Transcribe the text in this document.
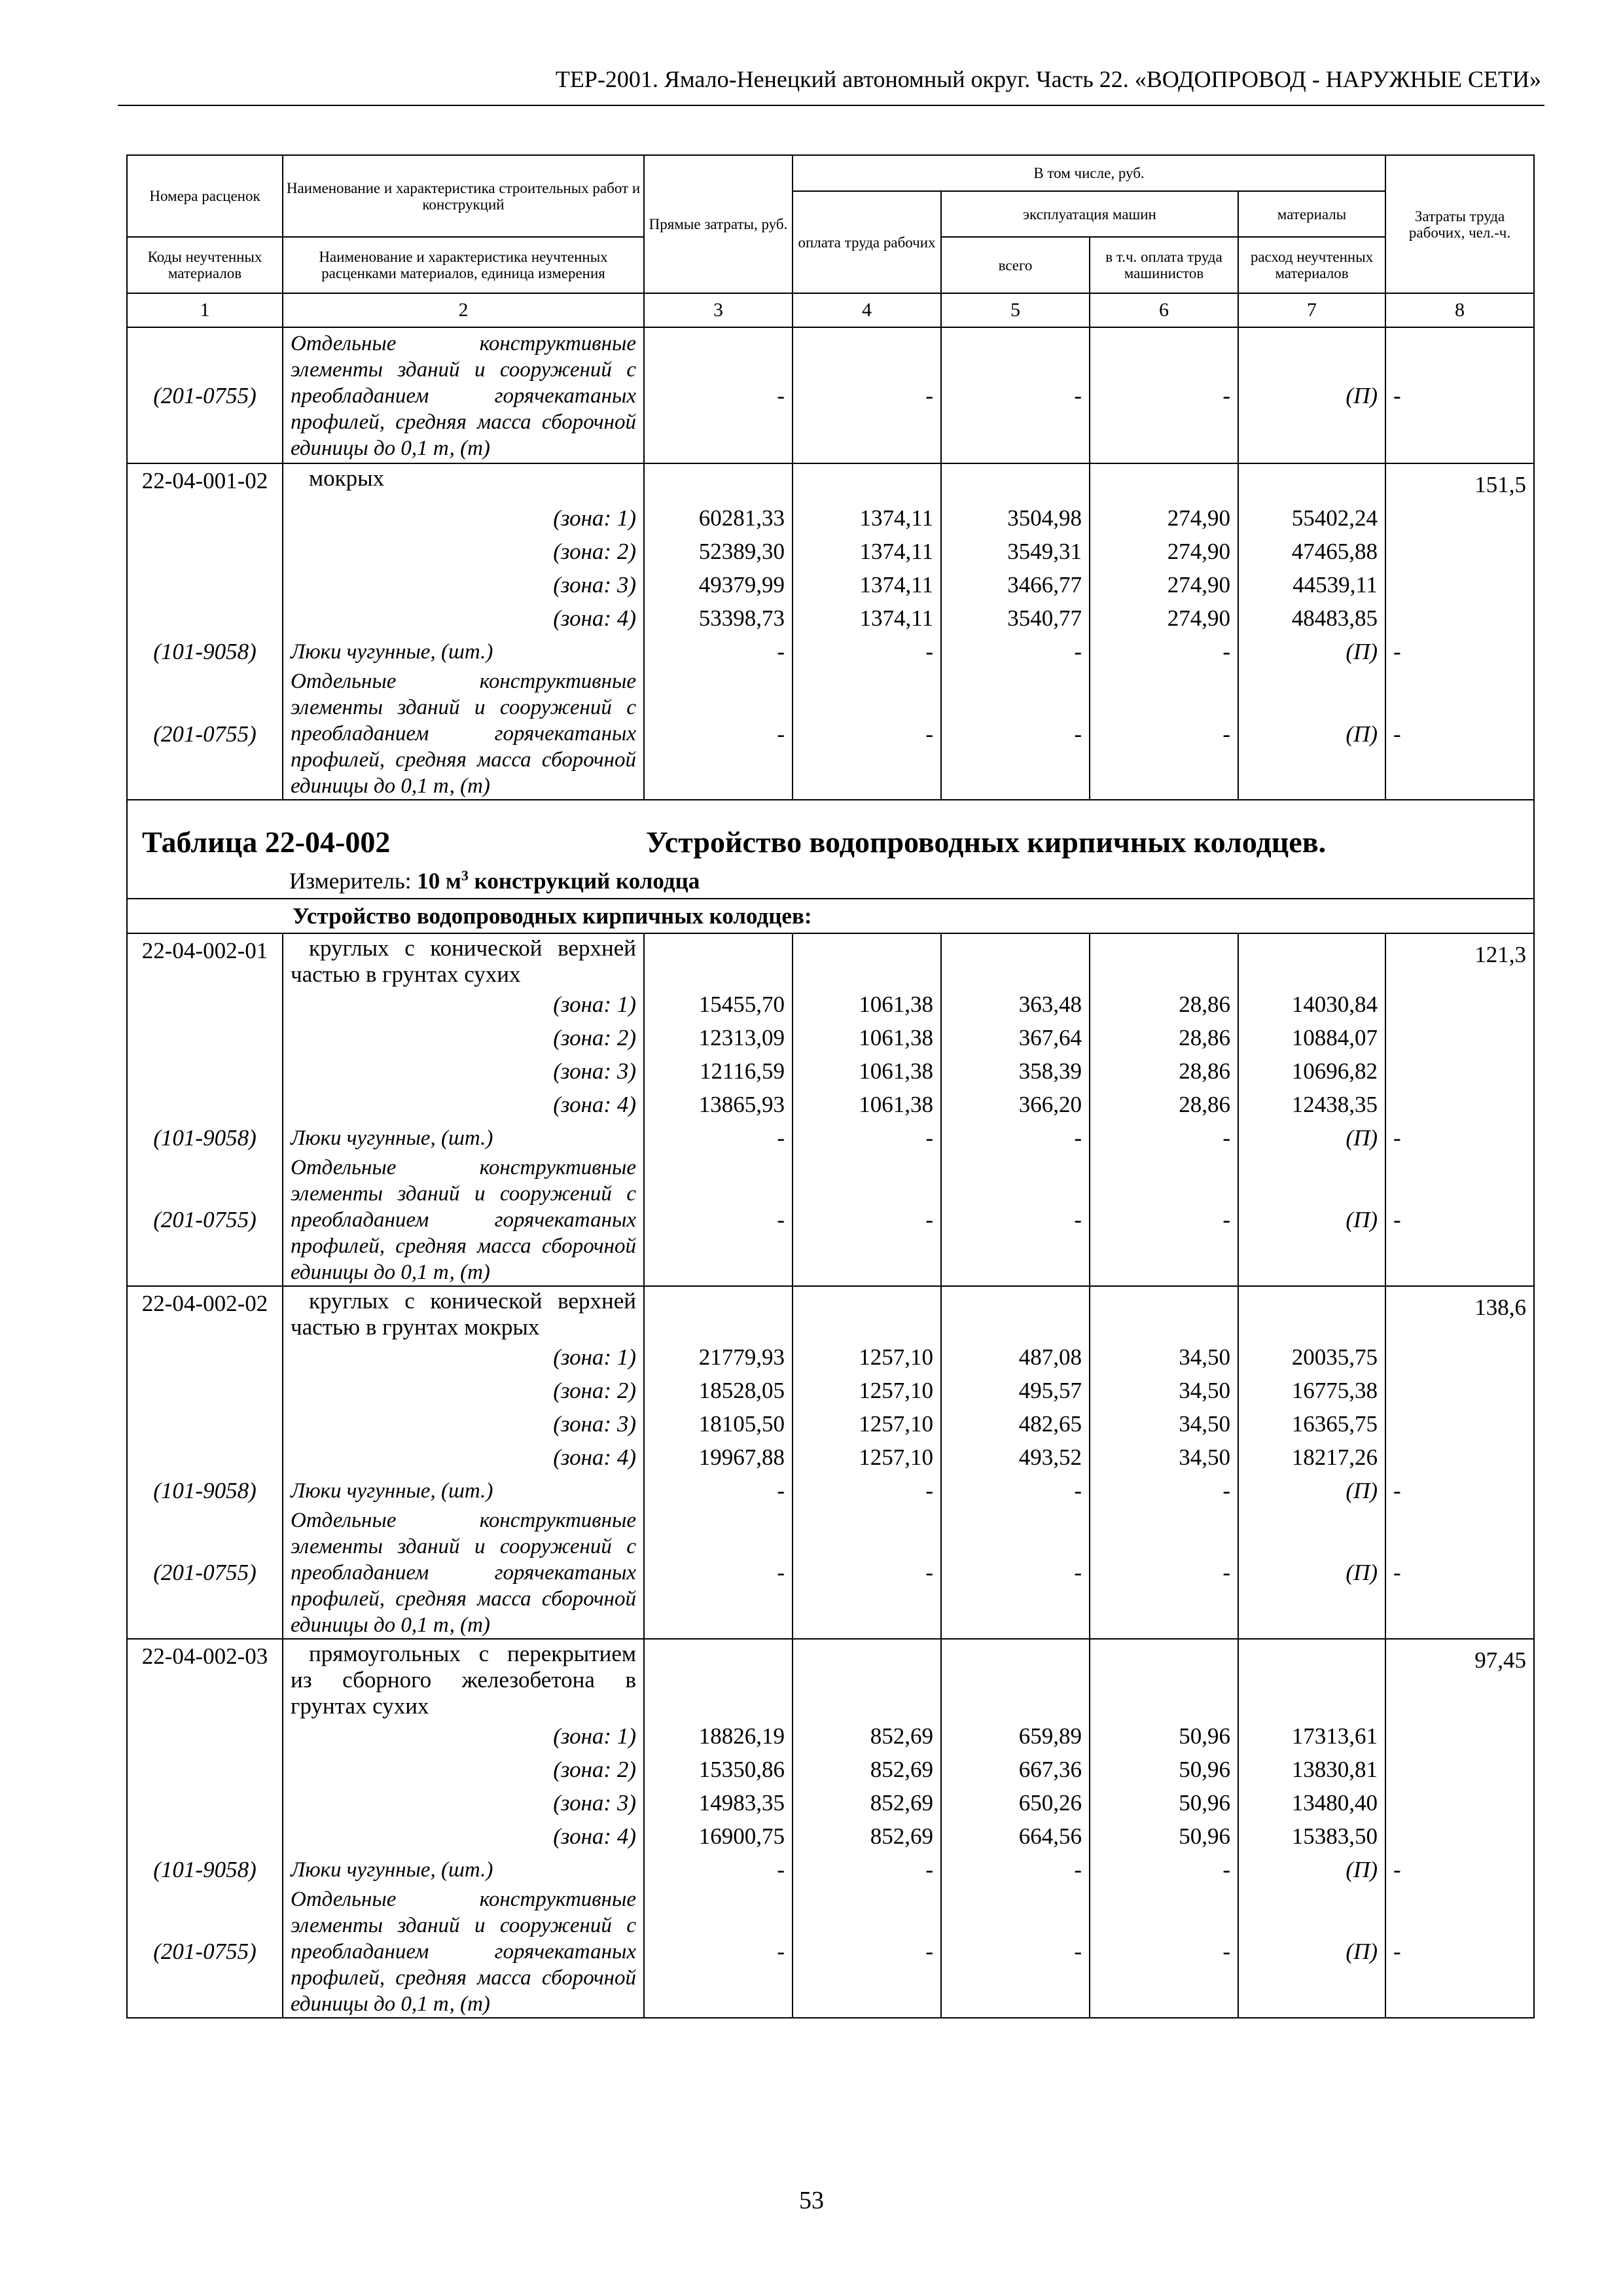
ТЕР-2001. Ямало-Ненецкий автономный округ. Часть 22. «ВОДОПРОВОД - НАРУЖНЫЕ СЕТИ»
Номера расценок	Наименование и характеристика строительных работ и конструкций	Прямые затраты, руб.	В том числе, руб.				Затраты труда рабочих, чел.-ч.
			оплата труда рабочих	эксплуатация машин		материалы	
Коды неучтенных материалов	Наименование и характеристика неучтенных расценками материалов, единица измерения			всего	в т.ч. оплата труда машинистов	расход неучтенных материалов	
1	2	3	4	5	6	7	8
(201-0755)	Отдельные конструктивные элементы зданий и сооружений с преобладанием горячекатаных профилей, средняя масса сборочной единицы до 0,1 т, (т)	-	-	-	-	(П)	-
22-04-001-02	мокрых						151,5
	(зона: 1)	60281,33	1374,11	3504,98	274,90	55402,24	
	(зона: 2)	52389,30	1374,11	3549,31	274,90	47465,88	
	(зона: 3)	49379,99	1374,11	3466,77	274,90	44539,11	
	(зона: 4)	53398,73	1374,11	3540,77	274,90	48483,85	
(101-9058)	Люки чугунные, (шт.)	-	-	-	-	(П)	-
(201-0755)	Отдельные конструктивные элементы зданий и сооружений с преобладанием горячекатаных профилей, средняя масса сборочной единицы до 0,1 т, (т)	-	-	-	-	(П)	-

Таблица 22-04-002 Устройство водопроводных кирпичных колодцев.
Измеритель: 10 $м^3$ конструкций колодца							

Устройство водопроводных кирпичных колодцев:							
22-04-002-01	круглых с конической верхней частью в грунтах сухих						121,3
	(зона: 1)	15455,70	1061,38	363,48	28,86	14030,84	
	(зона: 2)	12313,09	1061,38	367,64	28,86	10884,07	
	(зона: 3)	12116,59	1061,38	358,39	28,86	10696,82	
	(зона: 4)	13865,93	1061,38	366,20	28,86	12438,35	
(101-9058)	Люки чугунные, (шт.)	-	-	-	-	(П)	-
(201-0755)	Отдельные конструктивные элементы зданий и сооружений с преобладанием горячекатаных профилей, средняя масса сборочной единицы до 0,1 т, (т)	-	-	-	-	(П)	-
22-04-002-02	круглых с конической верхней частью в грунтах мокрых						138,6
	(зона: 1)	21779,93	1257,10	487,08	34,50	20035,75	
	(зона: 2)	18528,05	1257,10	495,57	34,50	16775,38	
	(зона: 3)	18105,50	1257,10	482,65	34,50	16365,75	
	(зона: 4)	19967,88	1257,10	493,52	34,50	18217,26	
(101-9058)	Люки чугунные, (шт.)	-	-	-	-	(П)	-
(201-0755)	Отдельные конструктивные элементы зданий и сооружений с преобладанием горячекатаных профилей, средняя масса сборочной единицы до 0,1 т, (т)	-	-	-	-	(П)	-
22-04-002-03	прямоугольных с перекрытием из сборного железобетона в грунтах сухих						97,45
	(зона: 1)	18826,19	852,69	659,89	50,96	17313,61	
	(зона: 2)	15350,86	852,69	667,36	50,96	13830,81	
	(зона: 3)	14983,35	852,69	650,26	50,96	13480,40	
	(зона: 4)	16900,75	852,69	664,56	50,96	15383,50	
(101-9058)	Люки чугунные, (шт.)	-	-	-	-	(П)	-
(201-0755)	Отдельные конструктивные элементы зданий и сооружений с преобладанием горячекатаных профилей, средняя масса сборочной единицы до 0,1 т, (т)	-	-	-	-	(П)	-
53
